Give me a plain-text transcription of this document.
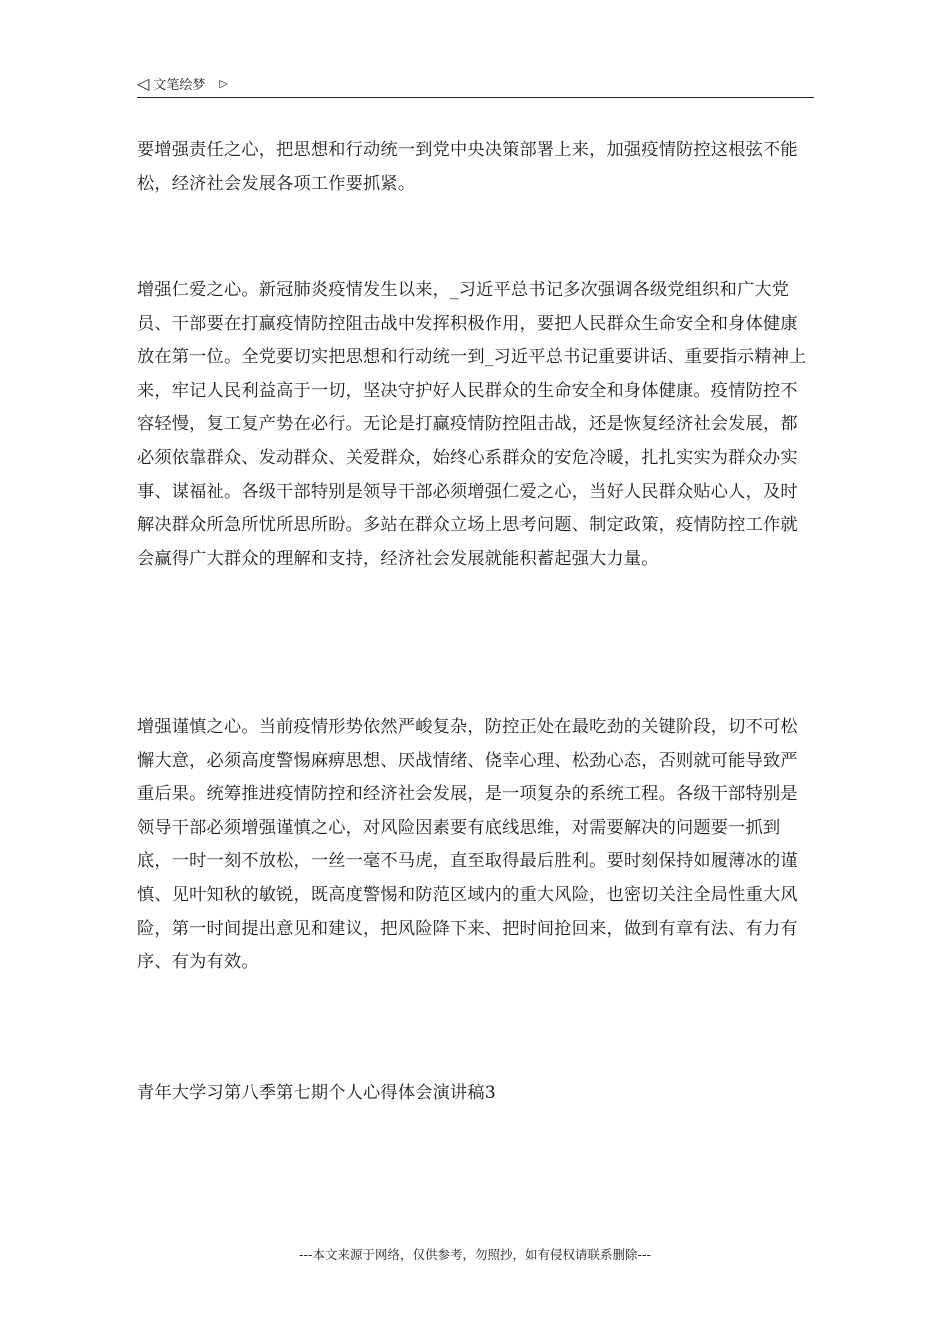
◁ 文笔绘梦 ▷

要增强责任之心，把思想和行动统一到党中央决策部署上来，加强疫情防控这根弦不能松，经济社会发展各项工作要抓紧。

增强仁爱之心。新冠肺炎疫情发生以来，_习近平总书记多次强调各级党组织和广大党员、干部要在打赢疫情防控阻击战中发挥积极作用，要把人民群众生命安全和身体健康放在第一位。全党要切实把思想和行动统一到_习近平总书记重要讲话、重要指示精神上来，牢记人民利益高于一切，坚决守护好人民群众的生命安全和身体健康。疫情防控不容轻慢，复工复产势在必行。无论是打赢疫情防控阻击战，还是恢复经济社会发展，都必须依靠群众、发动群众、关爱群众，始终心系群众的安危冷暖，扎扎实实为群众办实事、谋福祉。各级干部特别是领导干部必须增强仁爱之心，当好人民群众贴心人，及时解决群众所急所忧所思所盼。多站在群众立场上思考问题、制定政策，疫情防控工作就会赢得广大群众的理解和支持，经济社会发展就能积蓄起强大力量。

增强谨慎之心。当前疫情形势依然严峻复杂，防控正处在最吃劲的关键阶段，切不可松懈大意，必须高度警惕麻痹思想、厌战情绪、侥幸心理、松劲心态，否则就可能导致严重后果。统筹推进疫情防控和经济社会发展，是一项复杂的系统工程。各级干部特别是领导干部必须增强谨慎之心，对风险因素要有底线思维，对需要解决的问题要一抓到底，一时一刻不放松，一丝一毫不马虎，直至取得最后胜利。要时刻保持如履薄冰的谨慎、见叶知秋的敏锐，既高度警惕和防范区域内的重大风险，也密切关注全局性重大风险，第一时间提出意见和建议，把风险降下来、把时间抢回来，做到有章有法、有力有序、有为有效。

青年大学习第八季第七期个人心得体会演讲稿3

---本文来源于网络，仅供参考，勿照抄，如有侵权请联系删除---
